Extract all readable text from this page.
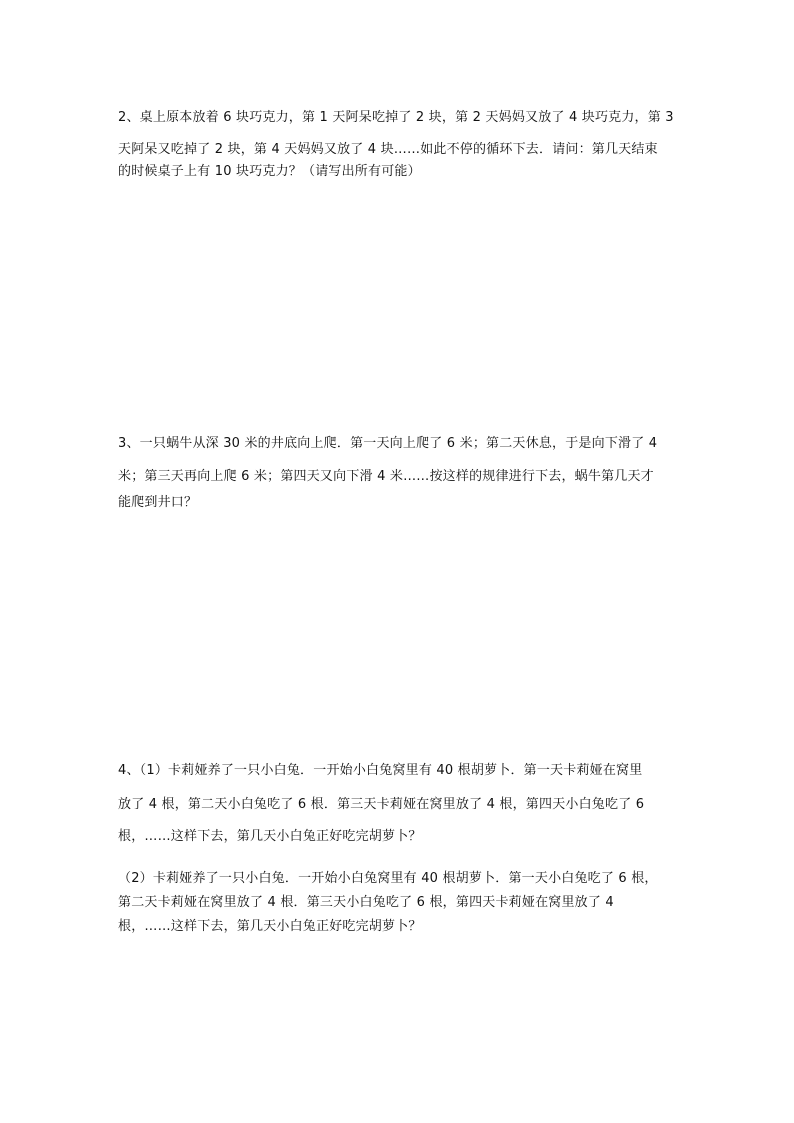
2、桌上原本放着 6 块巧克力，第 1 天阿呆吃掉了 2 块，第 2 天妈妈又放了 4 块巧克力，第 3
天阿呆又吃掉了 2 块，第 4 天妈妈又放了 4 块……如此不停的循环下去．请问：第几天结束
的时候桌子上有 10 块巧克力？（请写出所有可能）
3、一只蜗牛从深 30 米的井底向上爬．第一天向上爬了 6 米；第二天休息，于是向下滑了 4
米；第三天再向上爬 6 米；第四天又向下滑 4 米……按这样的规律进行下去，蜗牛第几天才
能爬到井口？
4、（1）卡莉娅养了一只小白兔．一开始小白兔窝里有 40 根胡萝卜．第一天卡莉娅在窝里
放了 4 根，第二天小白兔吃了 6 根．第三天卡莉娅在窝里放了 4 根，第四天小白兔吃了 6
根，……这样下去，第几天小白兔正好吃完胡萝卜？
（2）卡莉娅养了一只小白兔．一开始小白兔窝里有 40 根胡萝卜．第一天小白兔吃了 6 根，
第二天卡莉娅在窝里放了 4 根．第三天小白兔吃了 6 根，第四天卡莉娅在窝里放了 4
根，……这样下去，第几天小白兔正好吃完胡萝卜？
